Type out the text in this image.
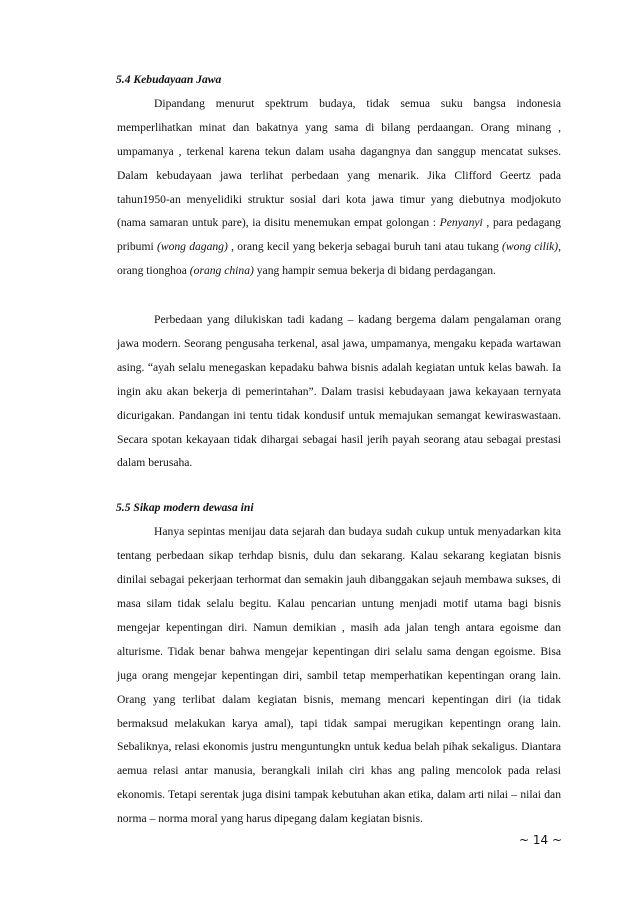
5.4 Kebudayaan Jawa

Dipandang menurut spektrum budaya, tidak semua suku bangsa indonesia memperlihatkan minat dan bakatnya yang sama di bilang perdaangan. Orang minang , umpamanya , terkenal karena tekun dalam usaha dagangnya dan sanggup mencatat sukses. Dalam kebudayaan jawa terlihat perbedaan yang menarik. Jika Clifford Geertz pada tahun1950-an menyelidiki struktur sosial dari kota jawa timur yang diebutnya modjokuto (nama samaran untuk pare), ia disitu menemukan empat golongan : Penyanyi , para pedagang pribumi (wong dagang) , orang kecil yang bekerja sebagai buruh tani atau tukang (wong cilik), orang tionghoa (orang china) yang hampir semua bekerja di bidang perdagangan.

Perbedaan yang dilukiskan tadi kadang – kadang bergema dalam pengalaman orang jawa modern. Seorang pengusaha terkenal, asal jawa, umpamanya, mengaku kepada wartawan asing. “ayah selalu menegaskan kepadaku bahwa bisnis adalah kegiatan untuk kelas bawah. Ia ingin aku akan bekerja di pemerintahan”. Dalam trasisi kebudayaan jawa kekayaan ternyata dicurigakan. Pandangan ini tentu tidak kondusif untuk memajukan semangat kewiraswastaan. Secara spotan kekayaan tidak dihargai sebagai hasil jerih payah seorang atau sebagai prestasi dalam berusaha.

5.5 Sikap modern dewasa ini

Hanya sepintas menijau data sejarah dan budaya sudah cukup untuk menyadarkan kita tentang perbedaan sikap terhdap bisnis, dulu dan sekarang. Kalau sekarang kegiatan bisnis dinilai sebagai pekerjaan terhormat dan semakin jauh dibanggakan sejauh membawa sukses, di masa silam tidak selalu begitu. Kalau pencarian untung menjadi motif utama bagi bisnis mengejar kepentingan diri. Namun demikian , masih ada jalan tengh antara egoisme dan alturisme. Tidak benar bahwa mengejar kepentingan diri selalu sama dengan egoisme. Bisa juga orang mengejar kepentingan diri, sambil tetap memperhatikan kepentingan orang lain. Orang yang terlibat dalam kegiatan bisnis, memang mencari kepentingan diri (ia tidak bermaksud melakukan karya amal), tapi tidak sampai merugikan kepentingn orang lain. Sebaliknya, relasi ekonomis justru menguntungkn untuk kedua belah pihak sekaligus. Diantara aemua relasi antar manusia, berangkali inilah ciri khas ang paling mencolok pada relasi ekonomis. Tetapi serentak juga disini tampak kebutuhan akan etika, dalam arti nilai – nilai dan norma – norma moral yang harus dipegang dalam kegiatan bisnis.

~ 14 ~
